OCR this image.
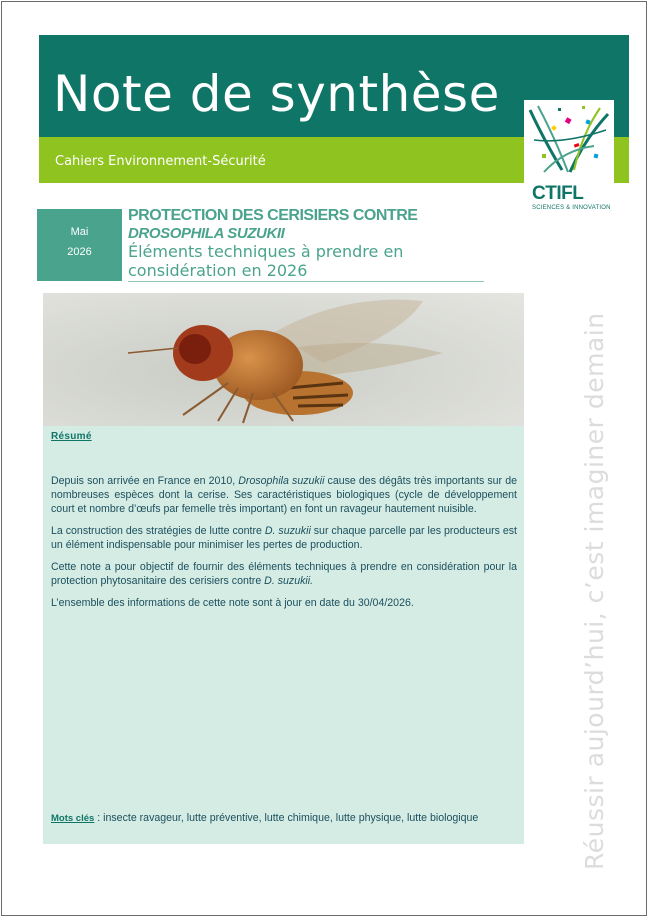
Note de synthèse
Cahiers Environnement-Sécurité
CTIFL
SCIENCES & INNOVATION
Mai
2026
PROTECTION DES CERISIERS CONTRE
DROSOPHILA SUZUKII
Éléments techniques à prendre en considération en 2026
Résumé

Depuis son arrivée en France en 2010, Drosophila suzukii cause des dégâts très importants sur de nombreuses espèces dont la cerise. Ses caractéristiques biologiques (cycle de développement court et nombre d’œufs par femelle très important) en font un ravageur hautement nuisible.

La construction des stratégies de lutte contre D. suzukii sur chaque parcelle par les producteurs est un élément indispensable pour minimiser les pertes de production.

Cette note a pour objectif de fournir des éléments techniques à prendre en considération pour la protection phytosanitaire des cerisiers contre D. suzukii.

L’ensemble des informations de cette note sont à jour en date du 30/04/2026.

Mots clés : insecte ravageur, lutte préventive, lutte chimique, lutte physique, lutte biologique	Réussir aujourd’hui, c’est imaginer demain
